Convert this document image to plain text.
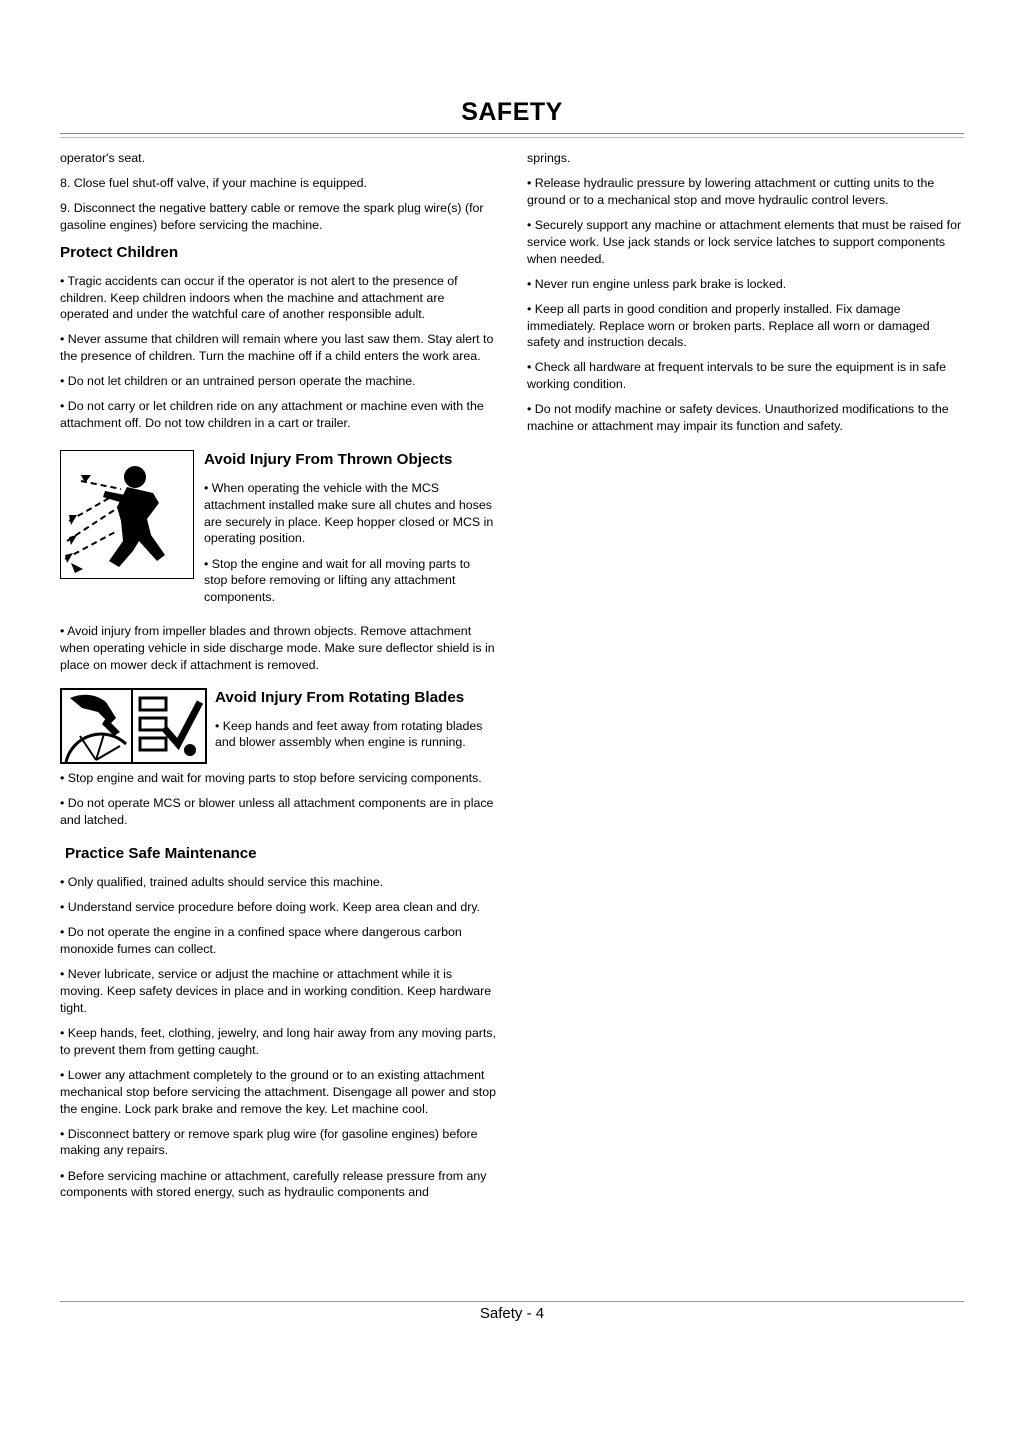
SAFETY

operator's seat.

8. Close fuel shut-off valve, if your machine is equipped.

9. Disconnect the negative battery cable or remove the spark plug wire(s) (for gasoline engines) before servicing the machine.

Protect Children

• Tragic accidents can occur if the operator is not alert to the presence of children. Keep children indoors when the machine and attachment are operated and under the watchful care of another responsible adult.

• Never assume that children will remain where you last saw them. Stay alert to the presence of children. Turn the machine off if a child enters the work area.

• Do not let children or an untrained person operate the machine.

• Do not carry or let children ride on any attachment or machine even with the attachment off. Do not tow children in a cart or trailer.

Avoid Injury From Thrown Objects

• When operating the vehicle with the MCS attachment installed make sure all chutes and hoses are securely in place. Keep hopper closed or MCS in operating position.

• Stop the engine and wait for all moving parts to stop before removing or lifting any attachment components.

• Avoid injury from impeller blades and thrown objects. Remove attachment when operating vehicle in side discharge mode. Make sure deflector shield is in place on mower deck if attachment is removed.

Avoid Injury From Rotating Blades

• Keep hands and feet away from rotating blades and blower assembly when engine is running.

• Stop engine and wait for moving parts to stop before servicing components.

• Do not operate MCS or blower unless all attachment components are in place and latched.

Practice Safe Maintenance

• Only qualified, trained adults should service this machine.

• Understand service procedure before doing work. Keep area clean and dry.

• Do not operate the engine in a confined space where dangerous carbon monoxide fumes can collect.

• Never lubricate, service or adjust the machine or attachment while it is moving. Keep safety devices in place and in working condition. Keep hardware tight.

• Keep hands, feet, clothing, jewelry, and long hair away from any moving parts, to prevent them from getting caught.

• Lower any attachment completely to the ground or to an existing attachment mechanical stop before servicing the attachment. Disengage all power and stop the engine. Lock park brake and remove the key. Let machine cool.

• Disconnect battery or remove spark plug wire (for gasoline engines) before making any repairs.

• Before servicing machine or attachment, carefully release pressure from any components with stored energy, such as hydraulic components and

springs.

• Release hydraulic pressure by lowering attachment or cutting units to the ground or to a mechanical stop and move hydraulic control levers.

• Securely support any machine or attachment elements that must be raised for service work. Use jack stands or lock service latches to support components when needed.

• Never run engine unless park brake is locked.

• Keep all parts in good condition and properly installed. Fix damage immediately. Replace worn or broken parts. Replace all worn or damaged safety and instruction decals.

• Check all hardware at frequent intervals to be sure the equipment is in safe working condition.

• Do not modify machine or safety devices. Unauthorized modifications to the machine or attachment may impair its function and safety.

Safety - 4
